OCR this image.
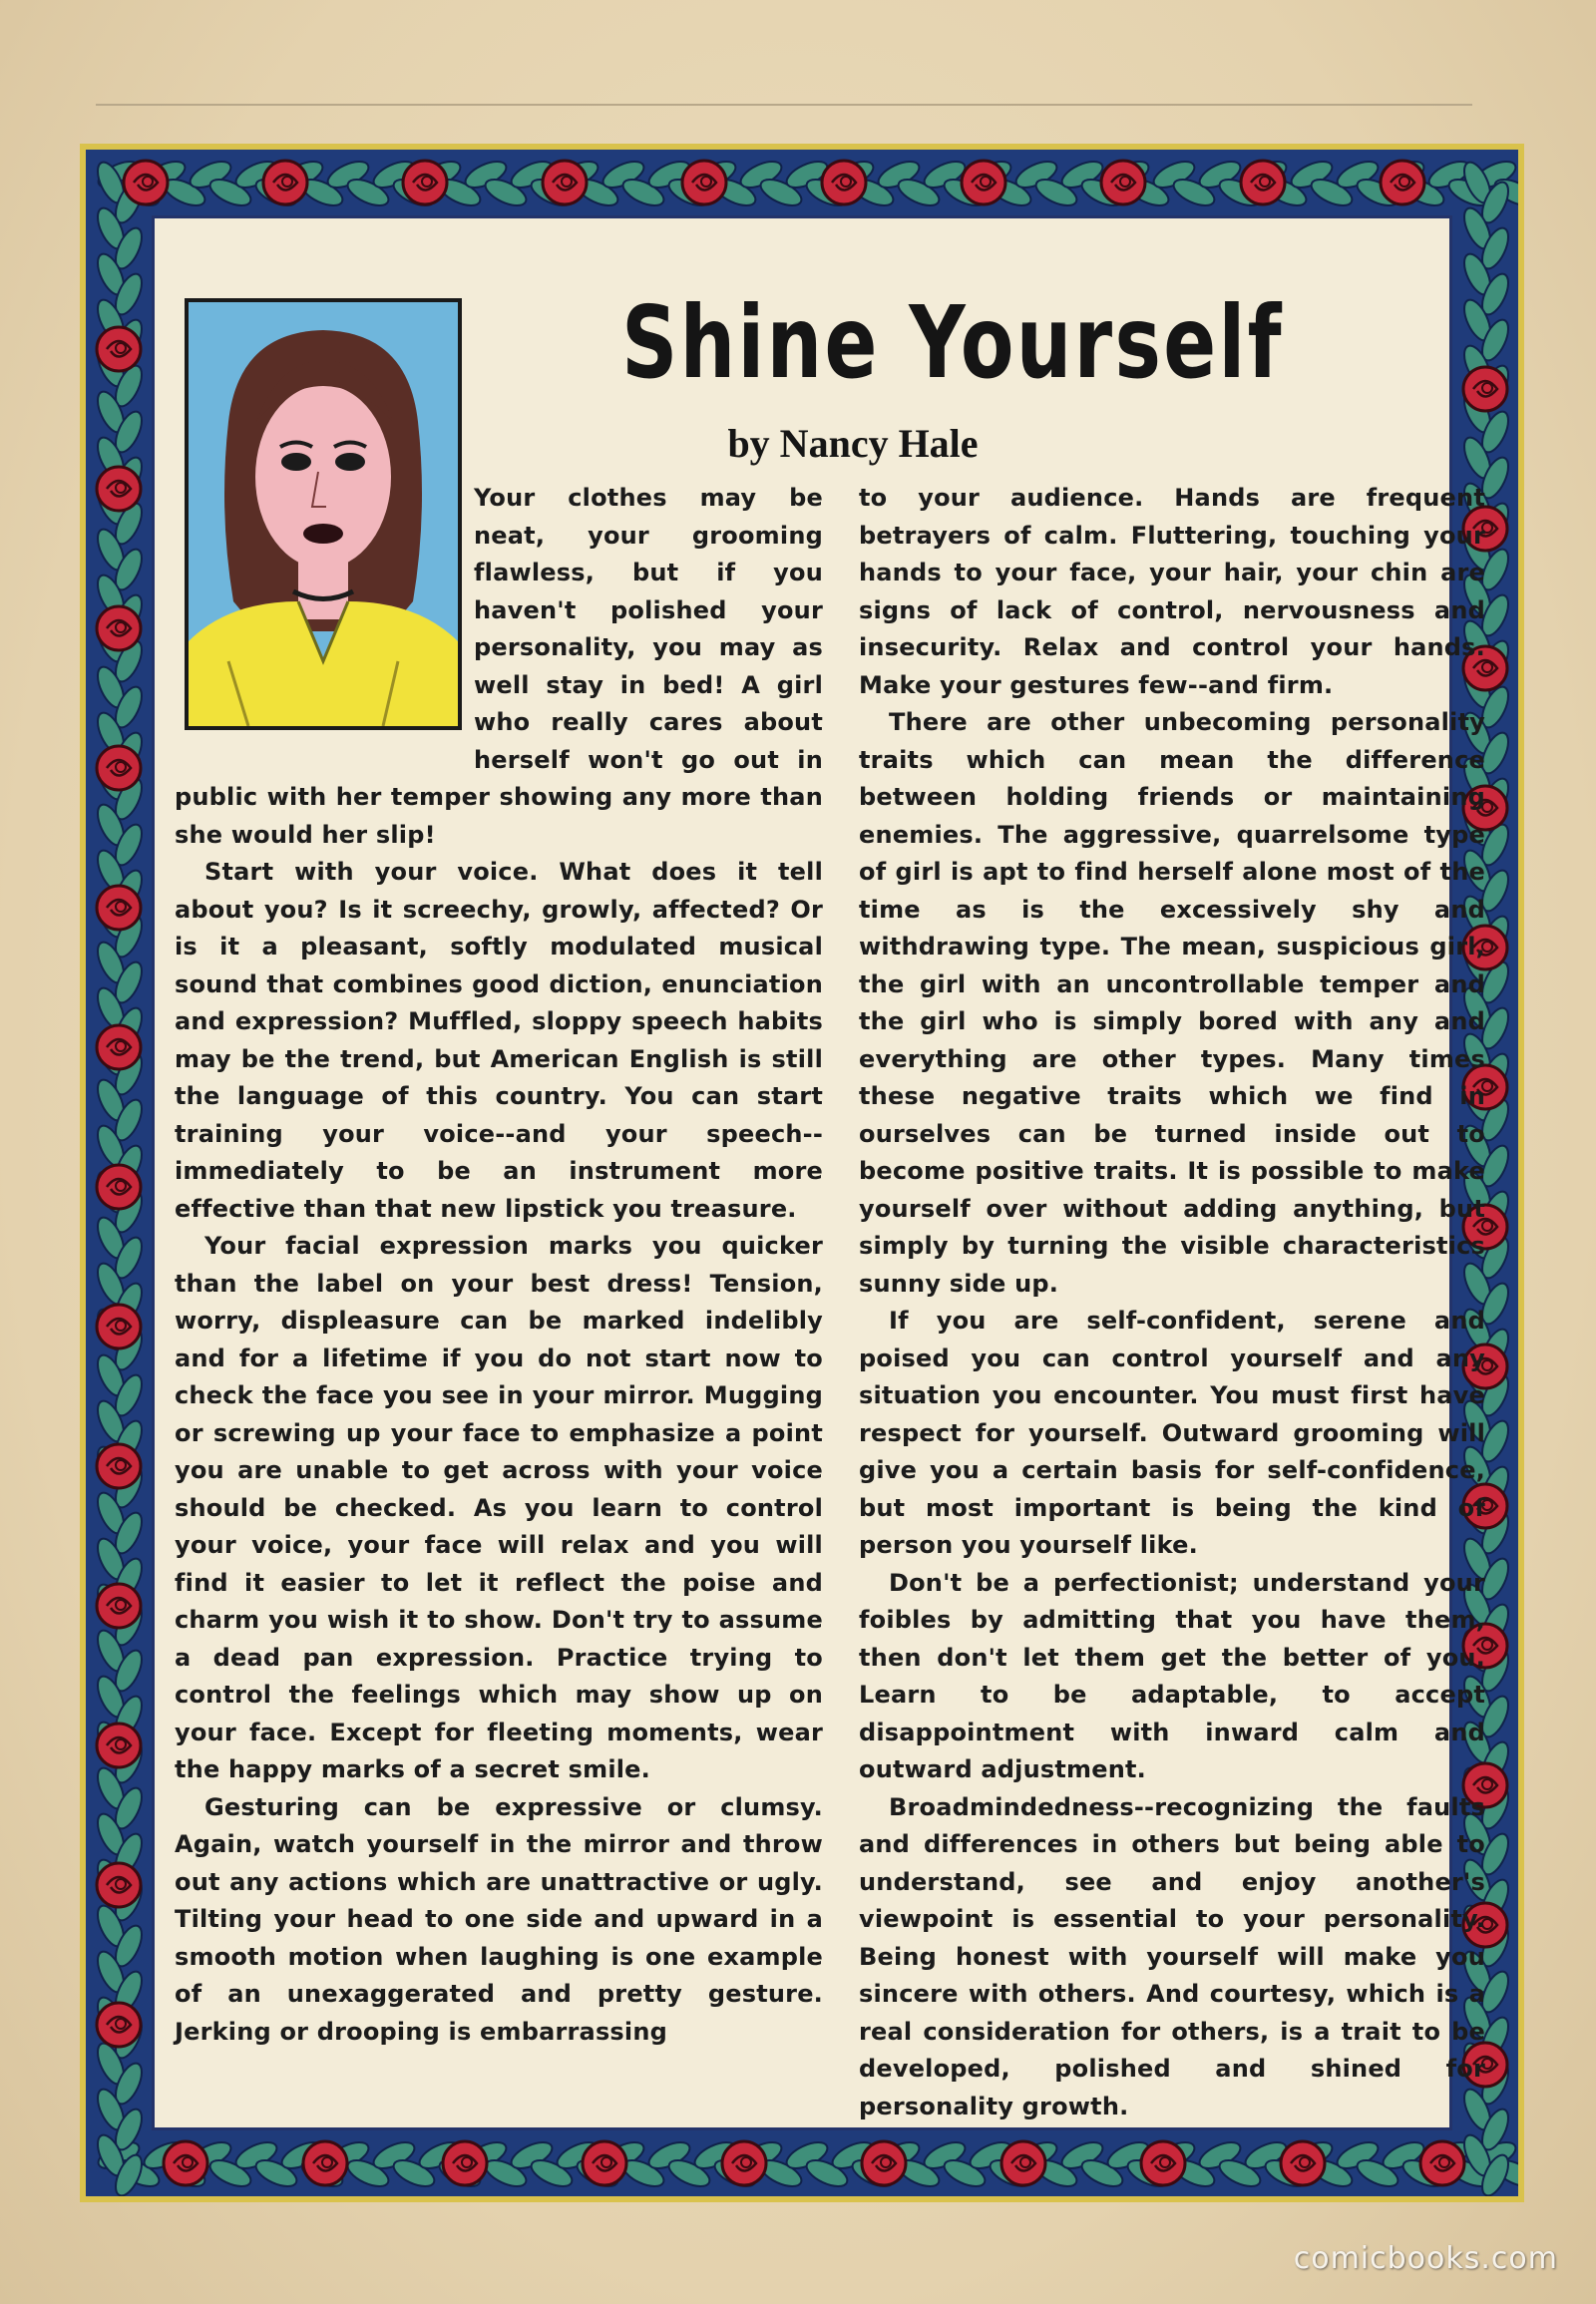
Shine Yourself
by Nancy Hale

Your clothes may be neat, your grooming flawless, but if you haven't polished your personality, you may as well stay in bed! A girl who really cares about herself won't go out in public with her temper showing any more than she would her slip!

Start with your voice. What does it tell about you? Is it screechy, growly, affected? Or is it a pleasant, softly modulated musical sound that combines good diction, enunciation and expression? Muffled, sloppy speech habits may be the trend, but American English is still the language of this country. You can start training your voice--and your speech--immediately to be an instrument more effective than that new lipstick you treasure.

Your facial expression marks you quicker than the label on your best dress! Tension, worry, displeasure can be marked indelibly and for a lifetime if you do not start now to check the face you see in your mirror. Mugging or screwing up your face to emphasize a point you are unable to get across with your voice should be checked. As you learn to control your voice, your face will relax and you will find it easier to let it reflect the poise and charm you wish it to show. Don't try to assume a dead pan expression. Practice trying to control the feelings which may show up on your face. Except for fleeting moments, wear the happy marks of a secret smile.

Gesturing can be expressive or clumsy. Again, watch yourself in the mirror and throw out any actions which are unattractive or ugly. Tilting your head to one side and upward in a smooth motion when laughing is one example of an unexaggerated and pretty gesture. Jerking or drooping is embarrassing

to your audience. Hands are frequent betrayers of calm. Fluttering, touching your hands to your face, your hair, your chin are signs of lack of control, nervousness and insecurity. Relax and control your hands. Make your gestures few--and firm.

There are other unbecoming personality traits which can mean the difference between holding friends or maintaining enemies. The aggressive, quarrelsome type of girl is apt to find herself alone most of the time as is the excessively shy and withdrawing type. The mean, suspicious girl, the girl with an uncontrollable temper and the girl who is simply bored with any and everything are other types. Many times these negative traits which we find in ourselves can be turned inside out to become positive traits. It is possible to make yourself over without adding anything, but simply by turning the visible characteristics sunny side up.

If you are self-confident, serene and poised you can control yourself and any situation you encounter. You must first have respect for yourself. Outward grooming will give you a certain basis for self-confidence, but most important is being the kind of person you yourself like.

Don't be a perfectionist; understand your foibles by admitting that you have them, then don't let them get the better of you. Learn to be adaptable, to accept disappointment with inward calm and outward adjustment.

Broadmindedness--recognizing the faults and differences in others but being able to understand, see and enjoy another's viewpoint is essential to your personality. Being honest with yourself will make you sincere with others. And courtesy, which is a real consideration for others, is a trait to be developed, polished and shined for personality growth.

comicbooks.com
